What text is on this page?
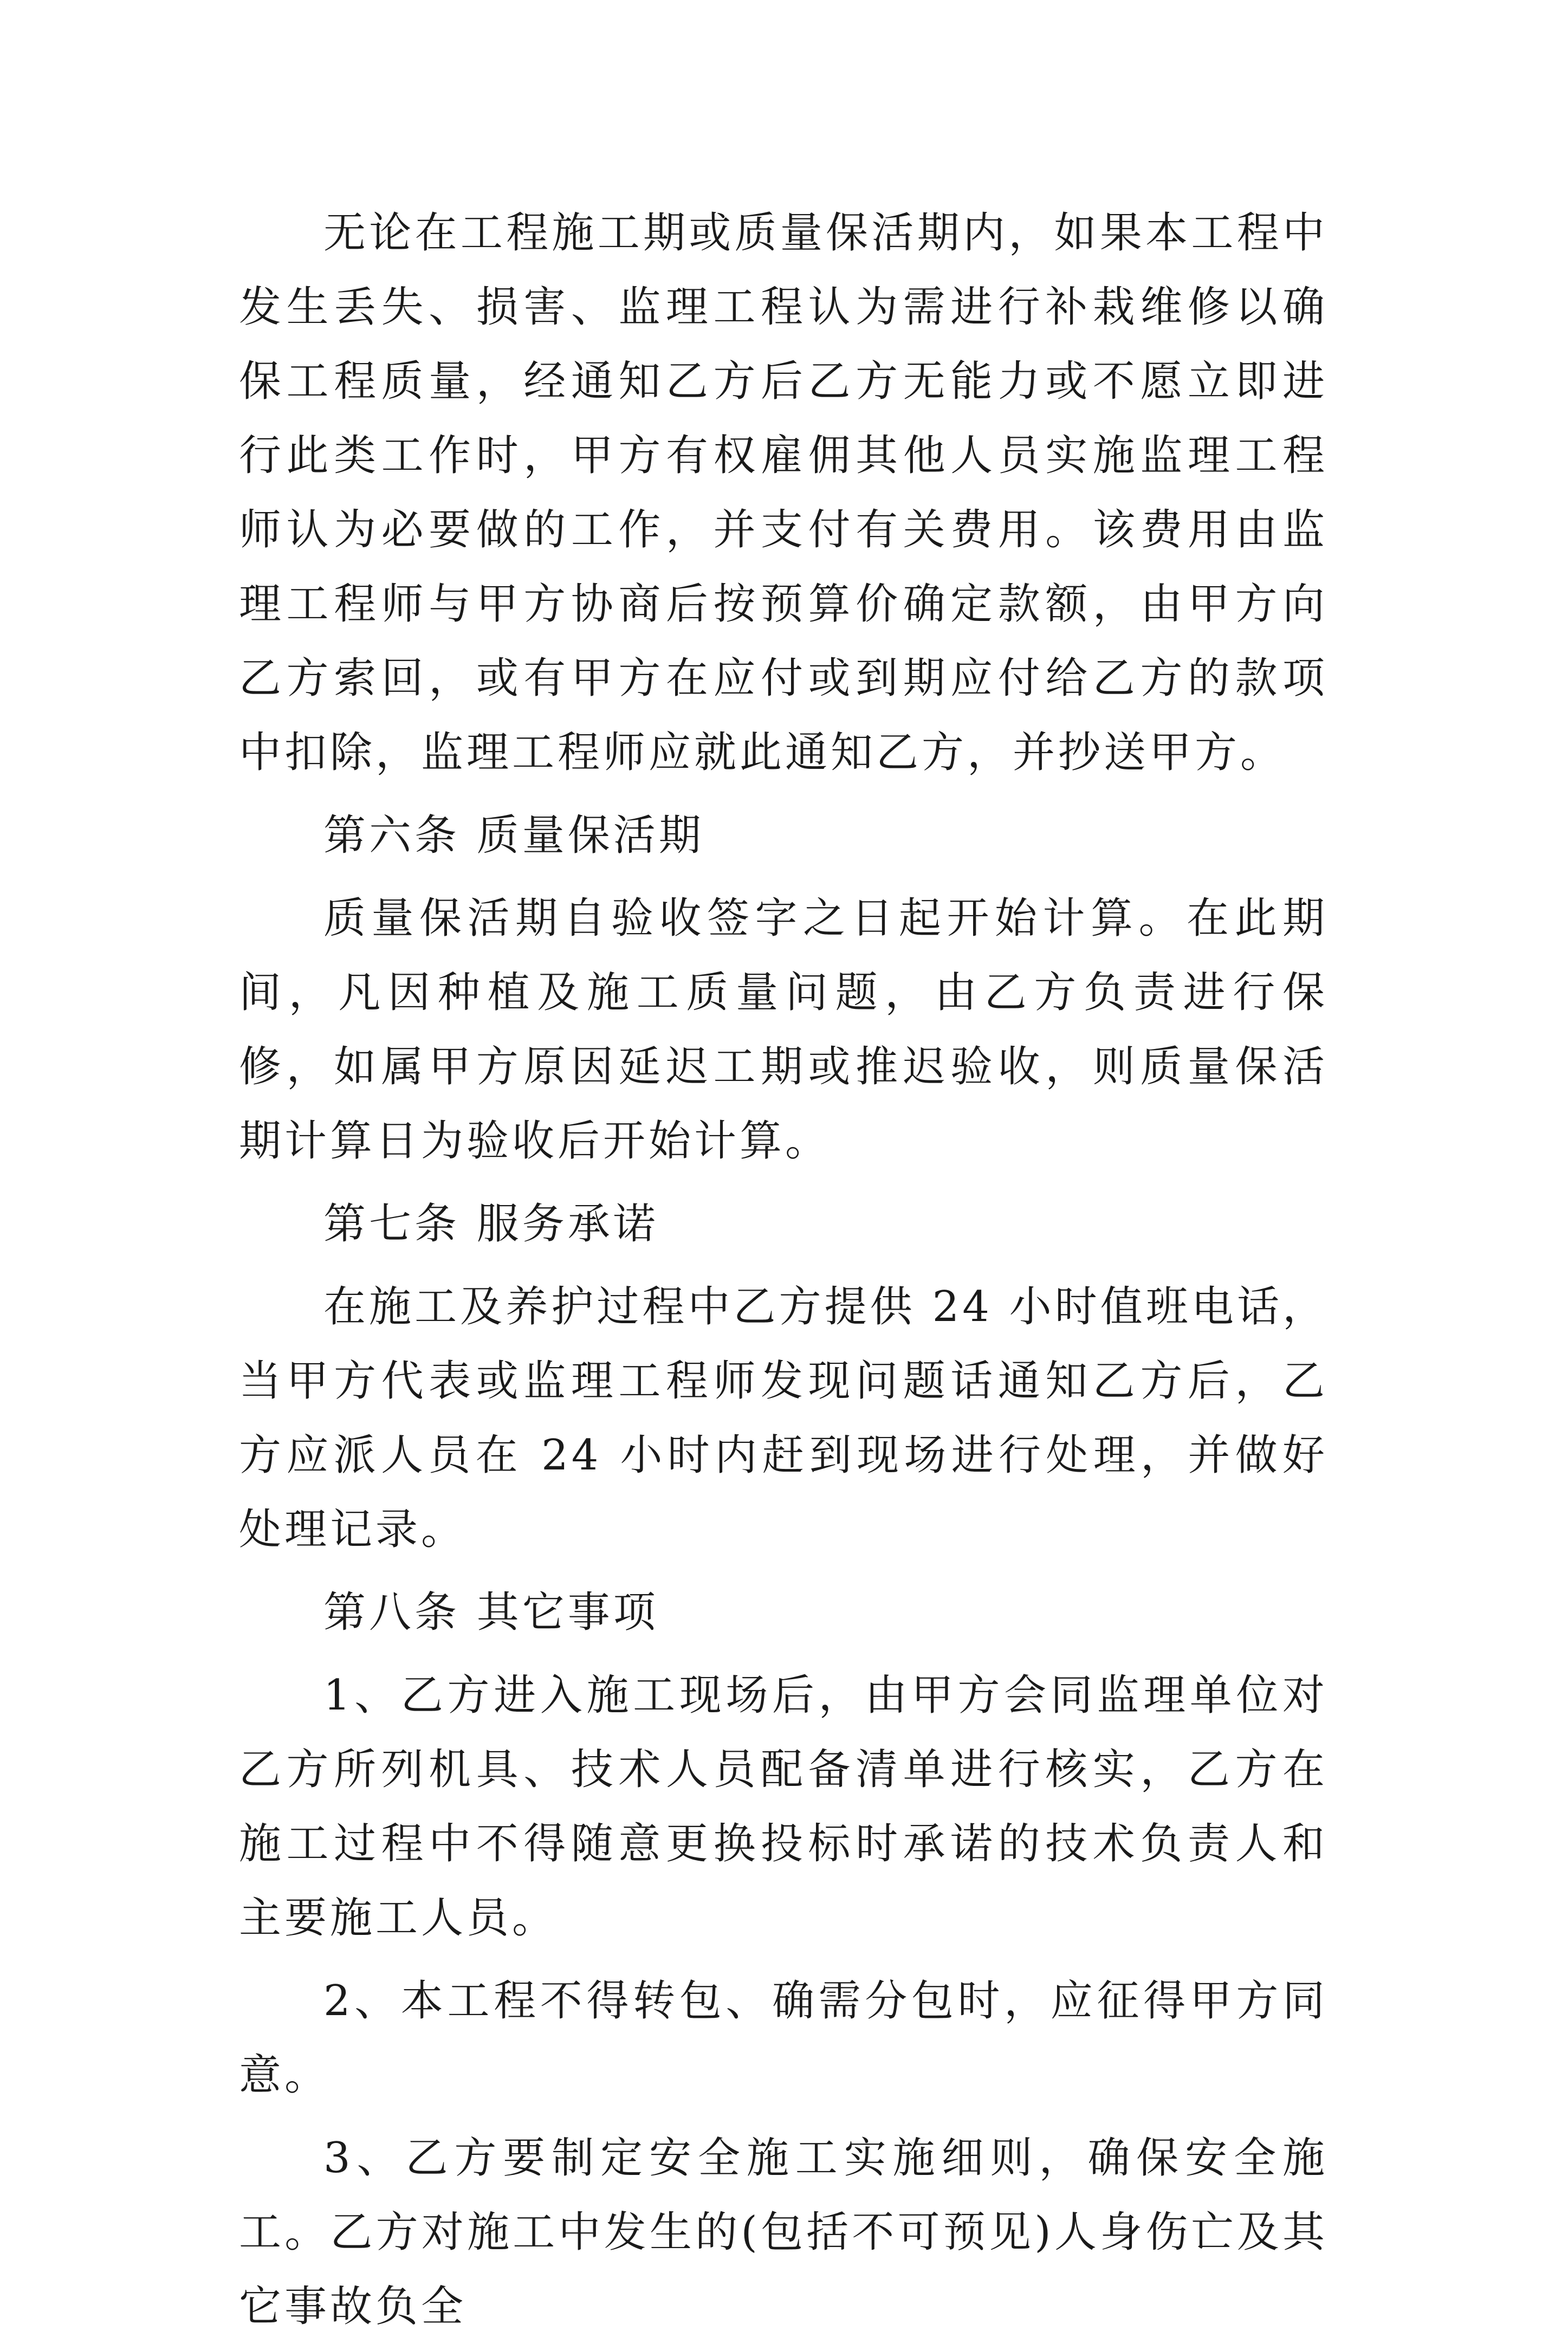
无论在工程施工期或质量保活期内，如果本工程中发生丢失、损害、监理工程认为需进行补栽维修以确保工程质量，经通知乙方后乙方无能力或不愿立即进行此类工作时，甲方有权雇佣其他人员实施监理工程师认为必要做的工作，并支付有关费用。该费用由监理工程师与甲方协商后按预算价确定款额，由甲方向乙方索回，或有甲方在应付或到期应付给乙方的款项中扣除，监理工程师应就此通知乙方，并抄送甲方。

第六条 质量保活期

质量保活期自验收签字之日起开始计算。在此期间，凡因种植及施工质量问题，由乙方负责进行保修，如属甲方原因延迟工期或推迟验收，则质量保活期计算日为验收后开始计算。

第七条 服务承诺

在施工及养护过程中乙方提供 24 小时值班电话，当甲方代表或监理工程师发现问题话通知乙方后，乙方应派人员在 24 小时内赶到现场进行处理，并做好处理记录。

第八条 其它事项

1、乙方进入施工现场后，由甲方会同监理单位对乙方所列机具、技术人员配备清单进行核实，乙方在施工过程中不得随意更换投标时承诺的技术负责人和主要施工人员。

2、本工程不得转包、确需分包时，应征得甲方同意。

3、乙方要制定安全施工实施细则，确保安全施工。乙方对施工中发生的(包括不可预见)人身伤亡及其它事故负全
